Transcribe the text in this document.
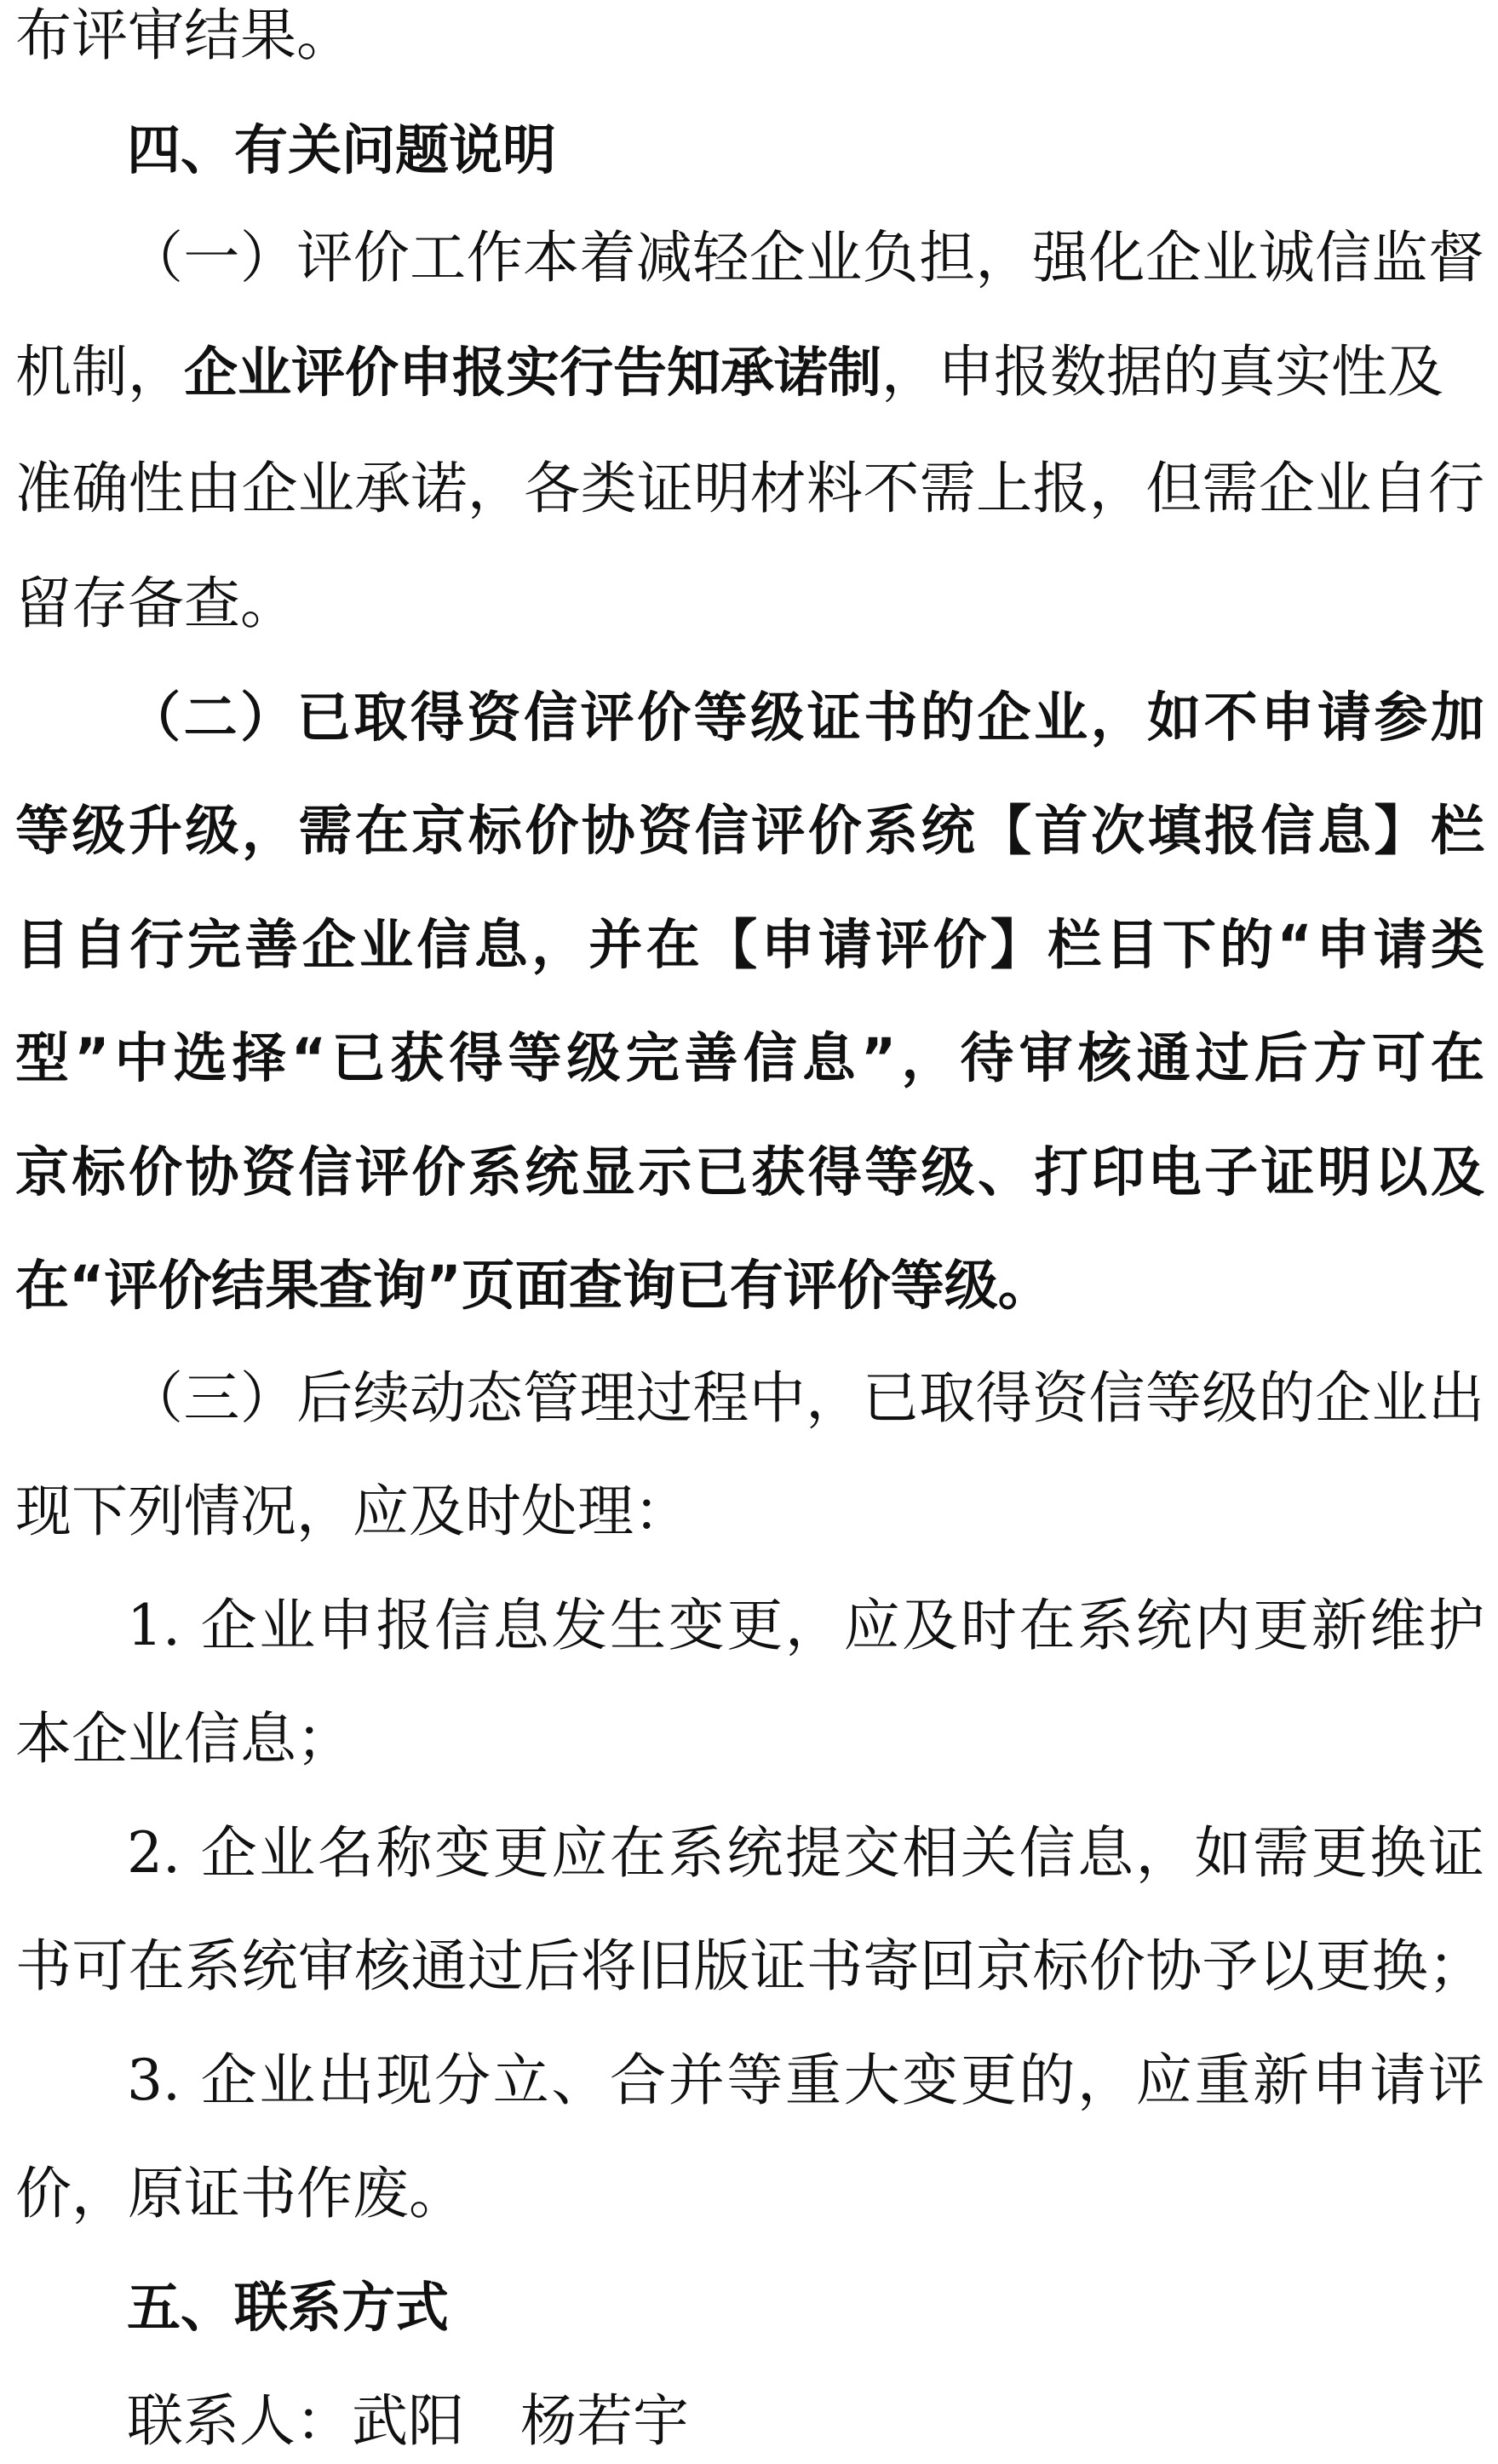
布评审结果。

四、有关问题说明

（一）评价工作本着减轻企业负担，强化企业诚信监督

机制，企业评价申报实行告知承诺制，申报数据的真实性及

准确性由企业承诺，各类证明材料不需上报，但需企业自行

留存备查。

（二）已取得资信评价等级证书的企业，如不申请参加

等级升级，需在京标价协资信评价系统【首次填报信息】栏

目自行完善企业信息，并在【申请评价】栏目下的“申请类

型”中选择“已获得等级完善信息”，待审核通过后方可在

京标价协资信评价系统显示已获得等级、打印电子证明以及

在“评价结果查询”页面查询已有评价等级。

（三）后续动态管理过程中，已取得资信等级的企业出

现下列情况，应及时处理：

1. 企业申报信息发生变更，应及时在系统内更新维护

本企业信息；

2. 企业名称变更应在系统提交相关信息，如需更换证

书可在系统审核通过后将旧版证书寄回京标价协予以更换；

3. 企业出现分立、合并等重大变更的，应重新申请评

价，原证书作废。

五、联系方式

联系人：武阳　杨若宇
